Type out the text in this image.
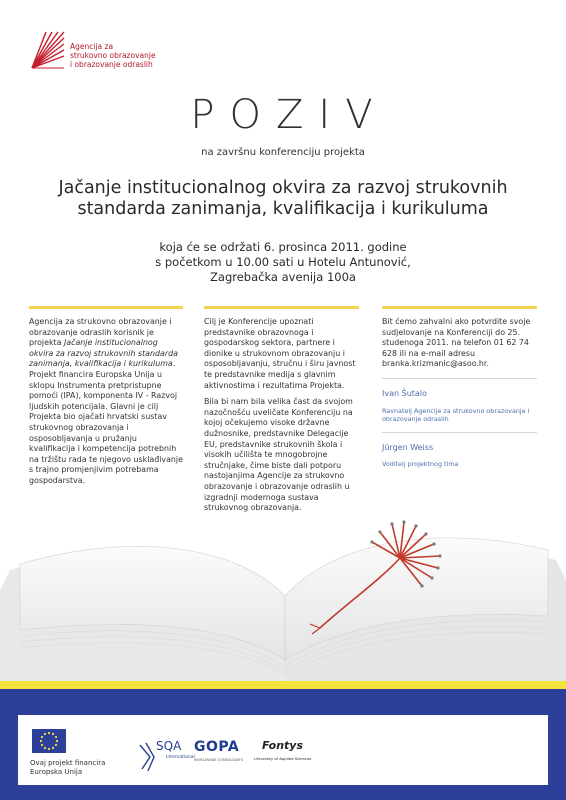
Agencija za
strukovno obrazovanje
i obrazovanje odraslih
POZIV
na završnu konferenciju projekta
Jačanje institucionalnog okvira za razvoj strukovnih
standarda zanimanja, kvalifikacija i kurikuluma
koja će se održati 6. prosinca 2011. godine
s početkom u 10.00 sati u Hotelu Antunović,
Zagrebačka avenija 100a

Agencija za strukovno obrazovanje i obrazovanje odraslih korisnik je projekta Jačanje institucionalnog okvira za razvoj strukovnih standarda zanimanja, kvalifikacija i kurikuluma. Projekt financira Europska Unija u sklopu Instrumenta pretpristupne pomoći (IPA), komponenta IV - Razvoj ljudskih potencijala. Glavni je cilj Projekta bio ojačati hrvatski sustav strukovnog obrazovanja i osposobljavanja u pružanju kvalifikacija i kompetencija potrebnih na tržištu rada te njegovo usklađivanje s trajno promjenjivim potrebama gospodarstva.

Cilj je Konferencije upoznati predstavnike obrazovnoga i gospodarskog sektora, partnere i dionike u strukovnom obrazovanju i osposobljavanju, stručnu i širu javnost te predstavnike medija s glavnim aktivnostima i rezultatima Projekta.

Bila bi nam bila velika čast da svojom nazočnošću uveličate Konferenciju na kojoj očekujemo visoke državne dužnosnike, predstavnike Delegacije EU, predstavnike strukovnih škola i visokih učilišta te mnogobrojne stručnjake, čime biste dali potporu nastojanjima Agencije za strukovno obrazovanje i obrazovanje odraslih u izgradnji modernoga sustava strukovnog obrazovanja.

Bit ćemo zahvalni ako potvrdite svoje sudjelovanje na Konferenciji do 25. studenoga 2011. na telefon 01 62 74 628 ili na e-mail adresu branka.krizmanic@asoo.hr.

Ivan Šutalo
Ravnatelj Agencije za strukovno obrazovanje i obrazovanje odraslih
Jürgen Weiss
Voditelj projektnog tima
Ovaj projekt financira
Europska Unija
SQA
International
GOPA
WORLDWIDE CONSULTANTS
Fontys
University of Applied Sciences
